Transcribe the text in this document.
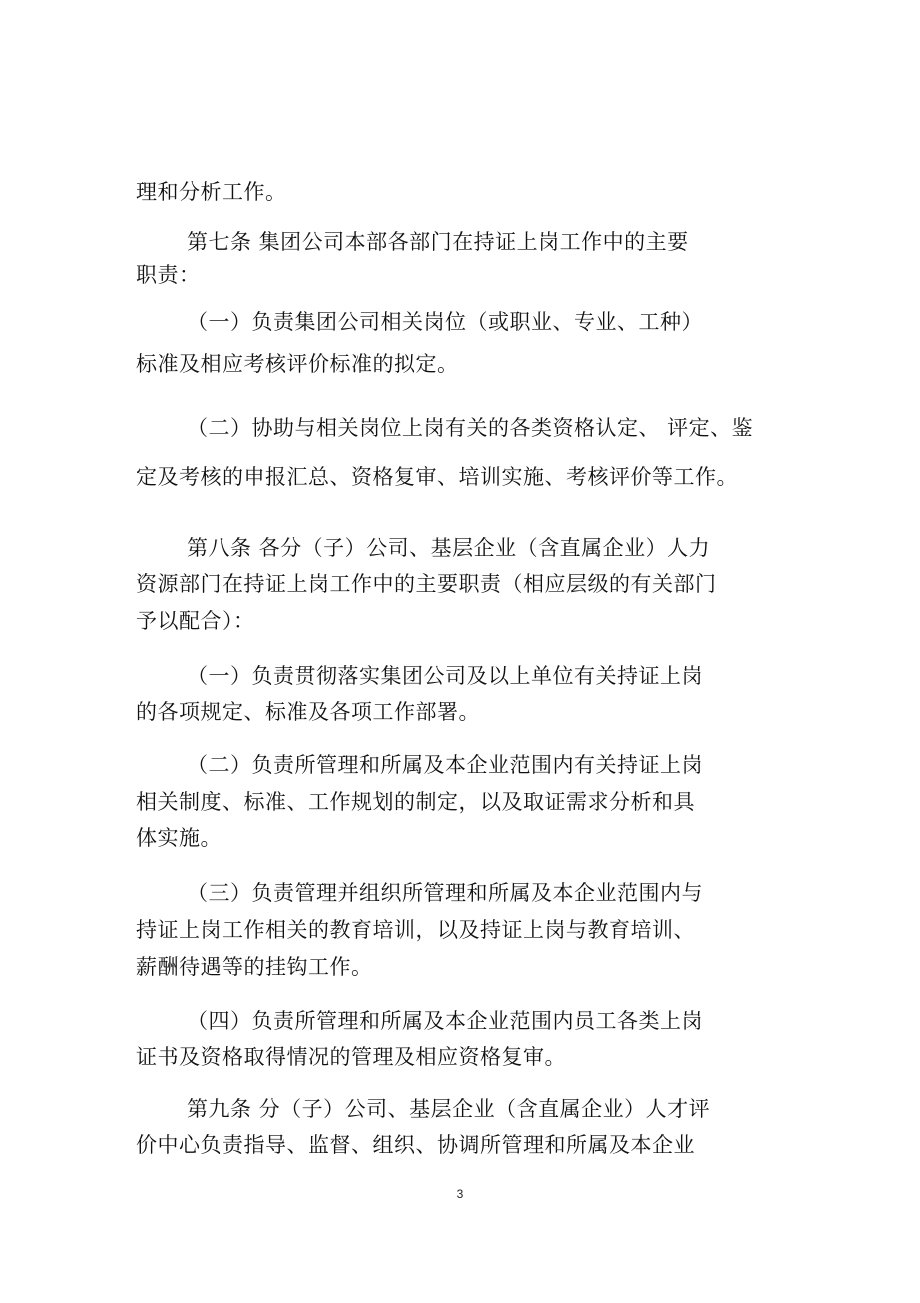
理和分析工作。
第七条 集团公司本部各部门在持证上岗工作中的主要
职责：
（一）负责集团公司相关岗位（或职业、专业、工种）
标准及相应考核评价标准的拟定。
（二）协助与相关岗位上岗有关的各类资格认定、 评定、鉴
定及考核的申报汇总、资格复审、培训实施、考核评价等工作。
第八条 各分（子）公司、基层企业（含直属企业）人力
资源部门在持证上岗工作中的主要职责（相应层级的有关部门
予以配合）：
（一）负责贯彻落实集团公司及以上单位有关持证上岗
的各项规定、标准及各项工作部署。
（二）负责所管理和所属及本企业范围内有关持证上岗
相关制度、标准、工作规划的制定，以及取证需求分析和具
体实施。
（三）负责管理并组织所管理和所属及本企业范围内与
持证上岗工作相关的教育培训，以及持证上岗与教育培训、
薪酬待遇等的挂钩工作。
（四）负责所管理和所属及本企业范围内员工各类上岗
证书及资格取得情况的管理及相应资格复审。
第九条 分（子）公司、基层企业（含直属企业）人才评
价中心负责指导、监督、组织、协调所管理和所属及本企业
3
